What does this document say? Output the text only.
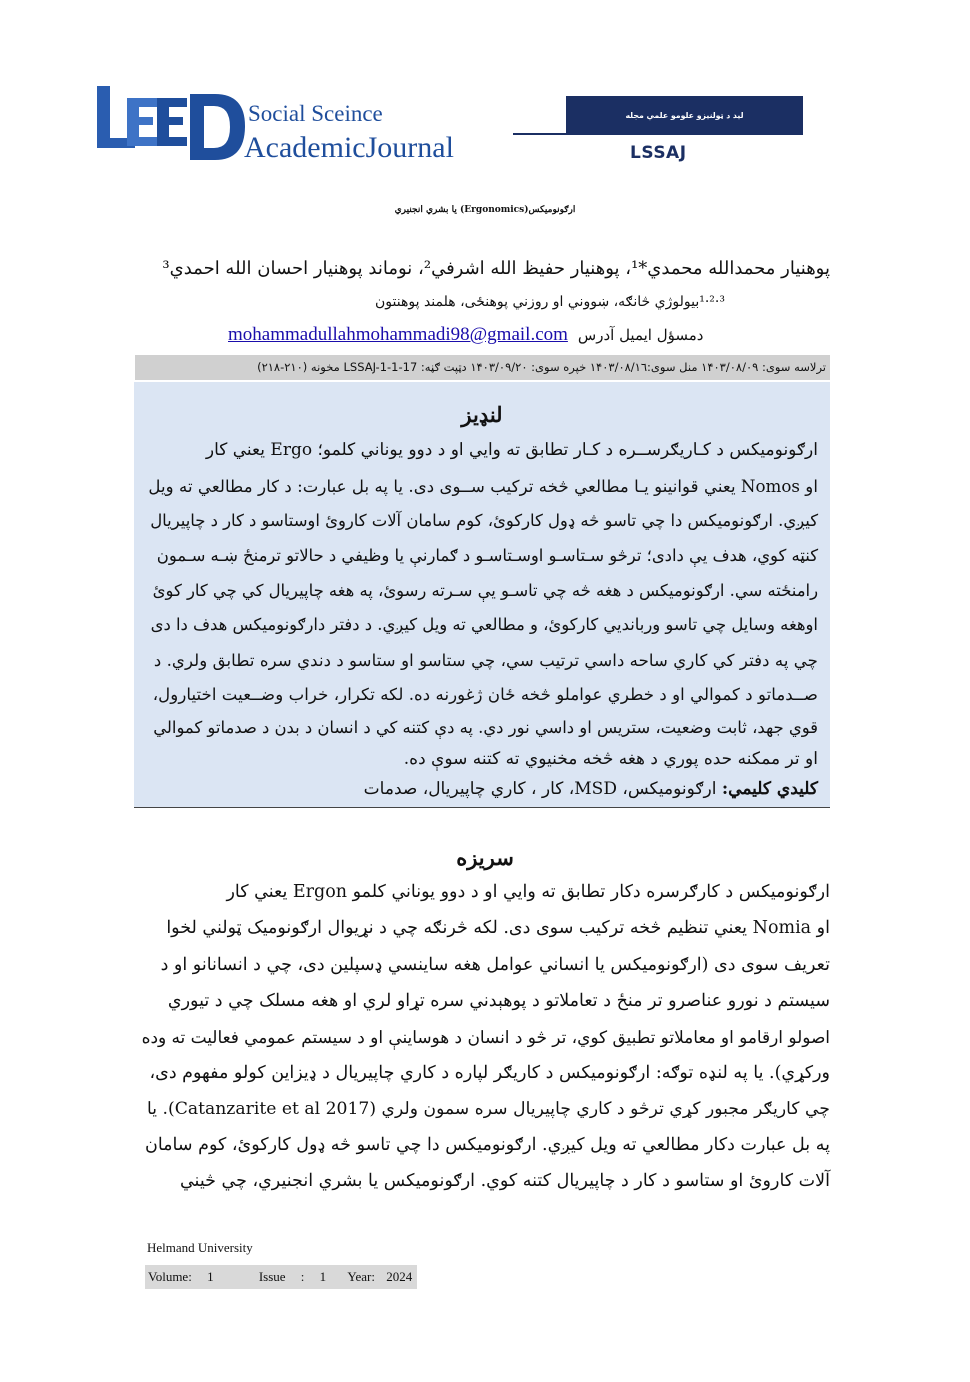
Social Sceince
AcademicJournal
لید د ټولنیزو علومو علمي مجله
LSSAJ
ارګونومیکس(Ergonomics) یا بشري انجنیري
پوهنیار محمدالله محمدي*¹، پوهنیار حفیظ الله اشرفي²، نوماند پوهنیار احسان الله احمدي³
³·²·¹بیولوژي څانګه، ښووني او روزني پوهنځی، هلمند پوهنتون
mohammadullahmohammadi98@gmail.com دمسؤل ایمیل آدرس
ترلاسه سوی: ۱۴۰۳/۰۸/۰۹ منل سوی:۱۴۰۳/۰۸/۱٦ خپره سوی: ۱۴۰۳/۰۹/۲۰ دټپت ګڼه: LSSAJ-1-1-17 مخونه (۲۱۰-۲۱۸)
لنډیز
ارګونومیکس د کـاریګرســره د کـار تطابق ته وایي او د دوو یوناني کلمو؛ Ergo یعني کار
او Nomos یعني قوانینو یـا مطالعي څخه ترکیب ســوی دی. یا په بل عبارت: د کار مطالعي ته ویل
کیږي. ارګونومیکس دا چي تاسو څه ډول کارکوئ، کوم سامان آلات کاروئ اوستاسو د کار د چاپیریال
کنټه کوي، هدف یې دادی؛ ترڅو سـتاسـو اوسـتاسـو د ګمارنې یا وظیفي د حالاتو ترمنځ ښـه سـمون
رامنځته سي. ارګونومیکس د هغه څه چي تاسـو یې سـرته رسوئ، په هغه چاپیریال کي چي کار کوئ
اوهغه وسایل چي تاسو وربانديي کارکوئ، و مطالعي ته ویل کیږي. د دفتر دارګونومیکس هدف دا دی
چي په دفتر کي کاري ساحه داسي ترتیب سي، چي ستاسو او ستاسو د دندي سره تطابق ولري. د
صــدماتو د کموالي او د خطري عواملو څخه ځان ژغورنه ده. لکه تکرار، خراب وضــعیت اختیارول،
قوي جهد، ثابت وضعیت، ستریس او داسي نور دي. په دې کتنه کي د انسان د بدن د صدماتو کموالي
او تر ممکنه حده پوري د هغه څخه مخنیوي ته کتنه سوې ده.
کلیدي کلیمي: ارګونومیکس، MSD، کار ، کاري چاپیریال، صدمات
سریزه
ارګونومیکس د کارګرسره دکار تطابق ته وایي او د دوو یوناني کلمو Ergon یعني کار
او Nomia یعني تنظیم څخه ترکیب سوی دی. لکه څرنګه چي د نړیوال ارګونومیک ټولني لخوا
تعریف سوی دی (ارګونومیکس یا انساني عوامل هغه ساینسي ډسپلین دی، چي د انسانانو او د
سیستم د نورو عناصرو تر منځ د تعاملاتو د پوهېدني سره تړاو لري او هغه مسلک چي د تیوري
اصولو ارقامو او معاملاتو تطبیق کوي، تر څو د انسان د هوساینې او د سیستم عمومي فعالیت ته وده
ورکړي). یا په لنډه توګه: ارګونومیکس د کاریګر لپاره د کاري چاپیریال د ډیزاین کولو مفهوم دی،
چي کاریګر مجبور کړي ترڅو د کاري چاپیریال سره سمون ولري (Catanzarite et al 2017). یا
په بل عبارت دکار مطالعي ته ویل کیږي. ارګونومیکس دا چي تاسو څه ډول کارکوئ، کوم سامان
آلات کاروئ او ستاسو د کار د چاپیریال کتنه کوي. ارګونومیکس یا بشري انجنیري، چي څیني
Helmand University
Volume: 1	Issue : 1 Year: 2024
